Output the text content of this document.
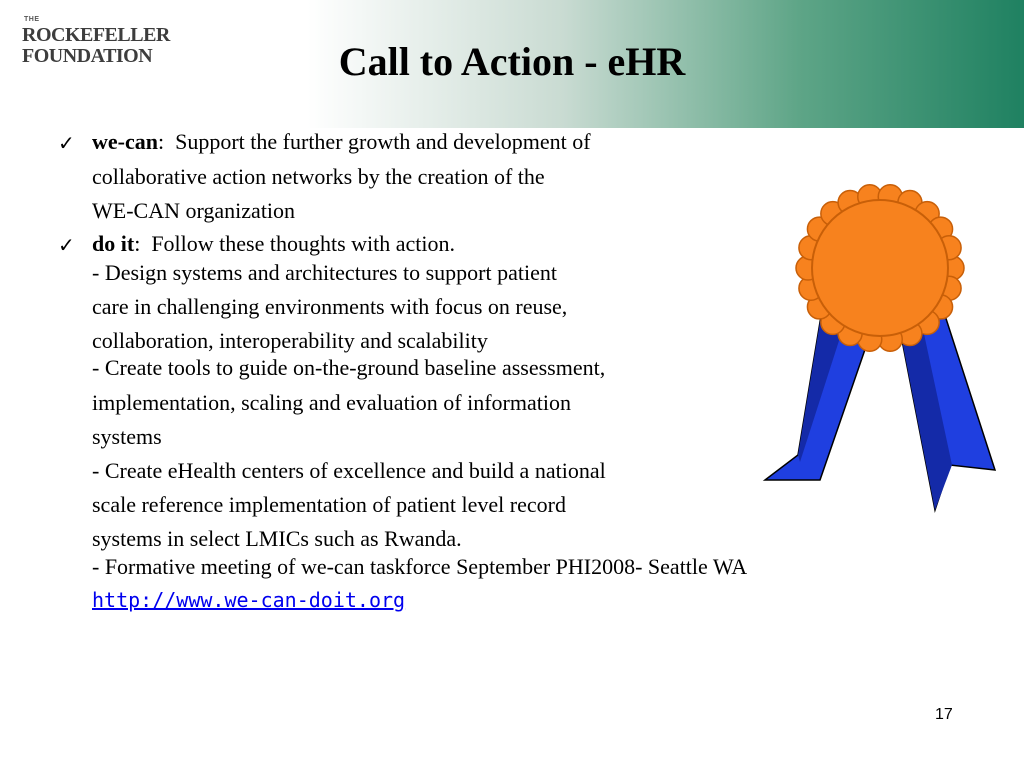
THE
ROCKEFELLER
FOUNDATION	Call to Action - eHR
✓ we-can:  Support the further growth and development of
collaborative action networks by the creation of the
WE-CAN organization
✓ do it:  Follow these thoughts with action.
- Design systems and architectures to support patient
care in challenging environments with focus on reuse,
collaboration, interoperability and scalability
- Create tools to guide on-the-ground baseline assessment,
implementation, scaling and evaluation of information
systems
- Create eHealth centers of excellence and build a national
scale reference implementation of patient level record
systems in select LMICs such as Rwanda.
- Formative meeting of we-can taskforce September PHI2008- Seattle WA
http://www.we-can-doit.org
17
